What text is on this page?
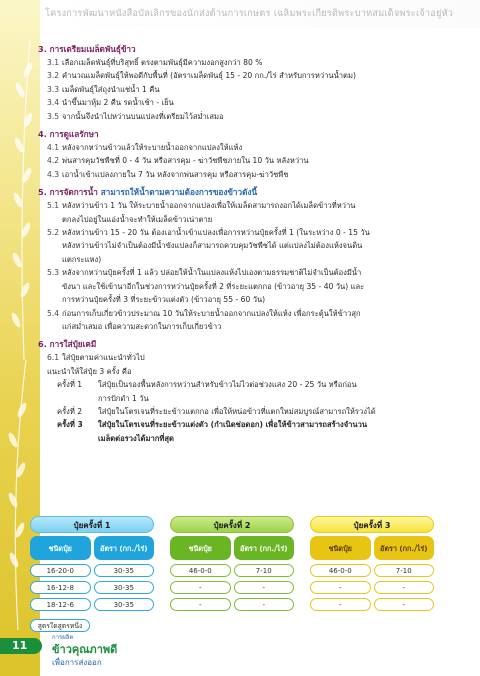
โครงการพัฒนาหนังสือบัลเลิกรของนักส่งต้านการเกษตร เฉลิมพระเกียรติพระบาทสมเด็จพระเจ้าอยู่หัว
3. การเตรียมเมล็ดพันธุ์ข้าว
3.1 เลือกเมล็ดพันธุ์ที่บริสุทธิ์ ตรงตามพันธุ์มีความงอกสูงกว่า 80 %
3.2 คำนวณเมล็ดพันธุ์ให้พอดีกับพื้นที่ (อัตราเมล็ดพันธุ์ 15 - 20 กก./ไร่ สำหรับการหว่านน้ำตม)
3.3 เมล็ดพันธุ์ใส่ถุงนำแช่น้ำ 1 คืน
3.4 นำขึ้นมาหุ้ม 2 คืน รดน้ำเช้า - เย็น
3.5 จากนั้นจึงนำไปหว่านบนแปลงที่เตรียมไว้สม่ำเสมอ
4. การดูแลรักษา
4.1 หลังจากหว่านข้าวแล้วให้ระบายน้ำออกจากแปลงให้แห้ง
4.2 พ่นสารคุมวัชพืชที่ 0 - 4 วัน หรือสารคุม - ฆ่าวัชพืชภายใน 10 วัน หลังหว่าน
4.3 เอาน้ำเข้าแปลงภายใน 7 วัน หลังจากพ่นสารคุม หรือสารคุม-ฆ่าวัชพืช
5. การจัดการน้ำ สามารถให้น้ำตามความต้องการของข้าวดังนี้
5.1 หลังหว่านข้าว 1 วัน ให้ระบายน้ำออกจากแปลงเพื่อให้เมล็ดสามารถงอกได้เมล็ดข้าวที่หว่าน
ตกลงไปอยู่ในแอ่งน้ำจะทำให้เมล็ดข้าวเน่าตาย
5.2 หลังหว่านข้าว 15 - 20 วัน ต้องเอาน้ำเข้าแปลงเพื่อการหว่านปุ๋ยครั้งที่ 1 (ในระหว่าง 0 - 15 วัน
หลังหว่านข้าวไม่จำเป็นต้องมีน้ำขังแปลงก็สามารถควบคุมวัชพืชได้ แต่แปลงไม่ต้องแห้งจนดิน
แตกระแหง)
5.3 หลังจากหว่านปุ๋ยครั้งที่ 1 แล้ว ปล่อยให้น้ำในแปลงแห้งไปเองตามธรรมชาติไม่จำเป็นต้องมีน้ำ
ขังนา และใช้เข้านาอีกในช่วงการหว่านปุ๋ยครั้งที่ 2 ที่ระยะแตกกอ (ข้าวอายุ 35 - 40 วัน) และ
การหว่านปุ๋ยครั้งที่ 3 ที่ระยะข้าวแต่งตัว (ข้าวอายุ 55 - 60 วัน)
5.4 ก่อนการเก็บเกี่ยวข้าวประมาณ 10 วันให้ระบายน้ำออกจากแปลงให้แห้ง เพื่อกระตุ้นให้ข้าวสุก
แก่สม่ำเสมอ เพื่อความสะดวกในการเก็บเกี่ยวข้าว
6. การใส่ปุ๋ยเคมี
6.1 ใส่ปุ๋ยตามค่าแนะนำทั่วไป
แนะนำให้ใส่ปุ๋ย 3 ครั้ง คือ
ครั้งที่ 1 ใส่ปุ๋ยเป็นรองพื้นหลังการหว่านสำหรับข้าวไม่ไวต่อช่วงแสง 20 - 25 วัน หรือก่อน
การปักดำ 1 วัน
ครั้งที่ 2 ใส่ปุ๋ยในโตรเจนที่ระยะข้าวแตกกอ เพื่อให้หน่อข้าวที่แตกใหม่สมบูรณ์สามารถให้รวงได้
ครั้งที่ 3 ใส่ปุ๋ยในโตรเจนที่ระยะข้าวแต่งตัว (กำเนิดช่อดอก) เพื่อให้ข้าวสามารถสร้างจำนวน
เมล็ดต่อรวงได้มากที่สุด
ปุ๋ยครั้งที่ 1
ชนิดปุ๋ย	อัตรา (กก./ไร่)
16-20-0	30-35
16-12-8	30-35
18-12-6	30-35
สูตรใดสูตรหนึ่ง
ปุ๋ยครั้งที่ 2
ชนิดปุ๋ย	อัตรา (กก./ไร่)
46-0-0	7-10
-	-
-	-
ปุ๋ยครั้งที่ 3
ชนิดปุ๋ย	อัตรา (กก./ไร่)
46-0-0	7-10
-	-
-	-
11
การผลิต
ข้าวคุณภาพดี
เพื่อการส่งออก
